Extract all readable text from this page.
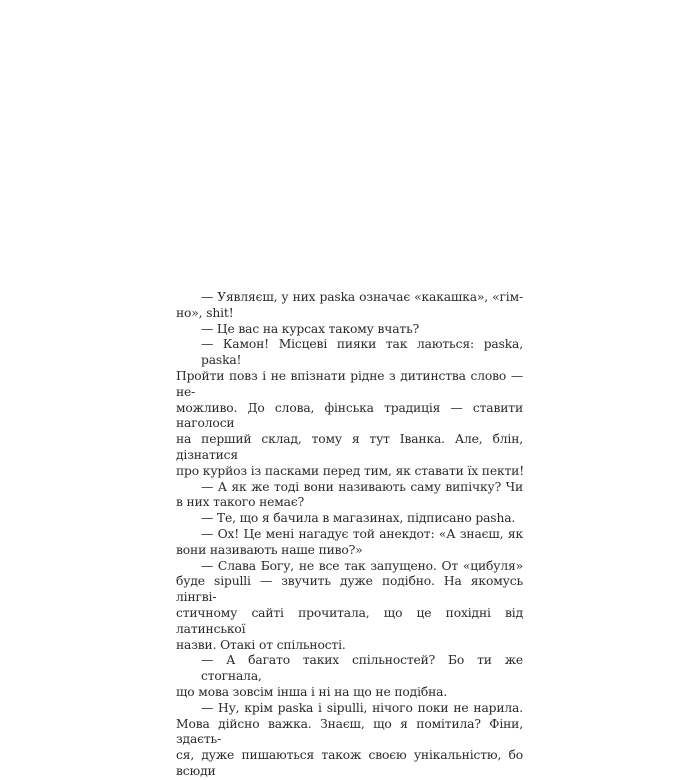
— Уявляєш, у них paska означає «какашка», «гім-
но», shit!
— Це вас на курсах такому вчать?
— Камон! Місцеві пияки так лаються: paska, paska!
Пройти повз і не впізнати рідне з дитинства слово — не-
можливо. До слова, фінська традиція — ставити наголоси
на перший склад, тому я тут Іванка. Але, блін, дізнатися
про курйоз із пасками перед тим, як ставати їх пекти!
— А як же тоді вони називають саму випічку? Чи
в них такого немає?
— Те, що я бачила в магазинах, підписано pasha.
— Ох! Це мені нагадує той анекдот: «А знаєш, як
вони називають наше пиво?»
— Слава Богу, не все так запущено. От «цибуля»
буде sipulli — звучить дуже подібно. На якомусь лінгві-
стичному сайті прочитала, що це похідні від латинської
назви. Отакі от спільності.
— А багато таких спільностей? Бо ти же стогнала,
що мова зовсім інша і ні на що не подібна.
— Ну, крім paska і sipulli, нічого поки не нарила.
Мова дійсно важка. Знаєш, що я помітила? Фіни, здаєть-
ся, дуже пишаються також своєю унікальністю, бо всюди
